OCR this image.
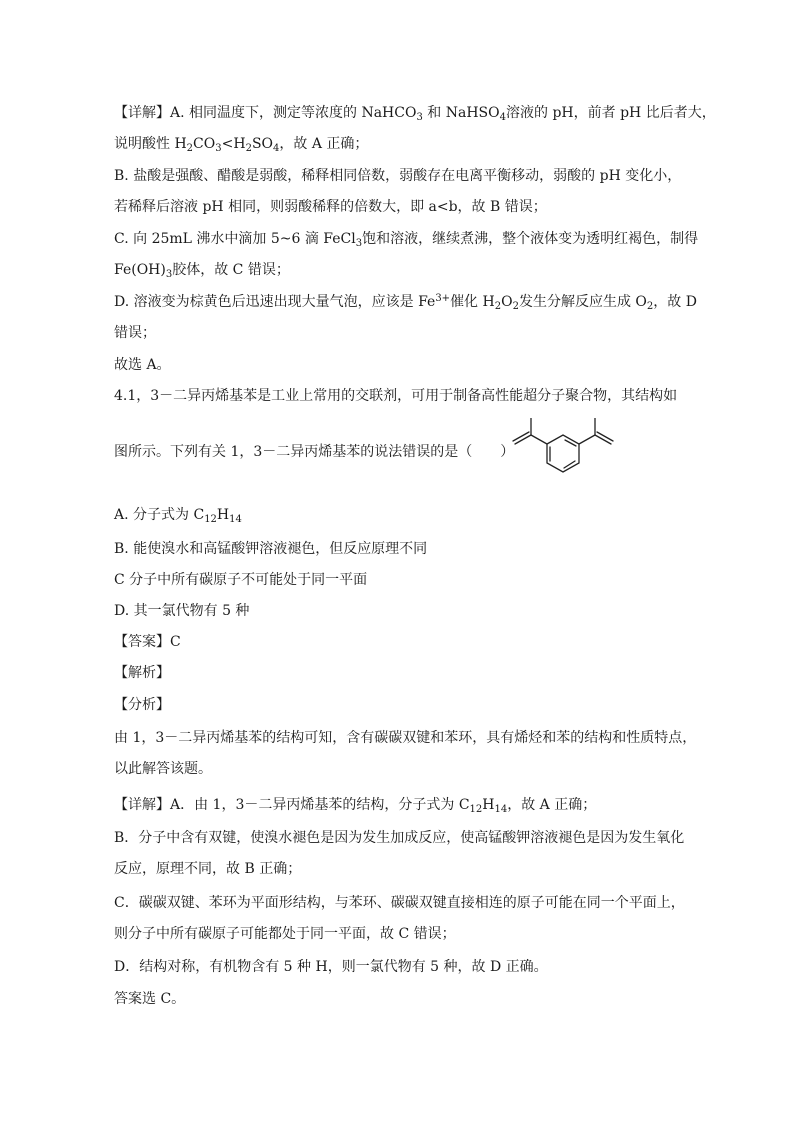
【详解】A. 相同温度下，测定等浓度的 NaHCO$_3$ 和 NaHSO$_4$溶液的 pH，前者 pH 比后者大，
说明酸性 $H_2CO_3<H_2SO_4$，故 A 正确；
B. 盐酸是强酸、醋酸是弱酸，稀释相同倍数，弱酸存在电离平衡移动，弱酸的 pH 变化小，
若稀释后溶液 pH 相同，则弱酸稀释的倍数大，即 a<b，故 B 错误；
C. 向 25mL 沸水中滴加 5~6 滴 FeCl$_3$饱和溶液，继续煮沸，整个液体变为透明红褐色，制得
$Fe(OH)_3$胶体，故 C 错误；
D. 溶液变为棕黄色后迅速出现大量气泡，应该是 $Fe^{3+}$催化 $H_2O_2$发生分解反应生成 $O_2$，故 D
错误；
故选 A。
4.1，3－二异丙烯基苯是工业上常用的交联剂，可用于制备高性能超分子聚合物，其结构如
图所示。下列有关 1，3－二异丙烯基苯的说法错误的是（　　）
A. 分子式为 $C_{12}H_{14}$
B. 能使溴水和高锰酸钾溶液褪色，但反应原理不同
C 分子中所有碳原子不可能处于同一平面
D. 其一氯代物有 5 种
【答案】C
【解析】
【分析】
由 1，3－二异丙烯基苯的结构可知，含有碳碳双键和苯环，具有烯烃和苯的结构和性质特点，
以此解答该题。
【详解】A．由 1，3－二异丙烯基苯的结构，分子式为 $C_{12}H_{14}$，故 A 正确；
B．分子中含有双键，使溴水褪色是因为发生加成反应，使高锰酸钾溶液褪色是因为发生氧化
反应，原理不同，故 B 正确；
C．碳碳双键、苯环为平面形结构，与苯环、碳碳双键直接相连的原子可能在同一个平面上，
则分子中所有碳原子可能都处于同一平面，故 C 错误；
D．结构对称，有机物含有 5 种 H，则一氯代物有 5 种，故 D 正确。
答案选 C。
